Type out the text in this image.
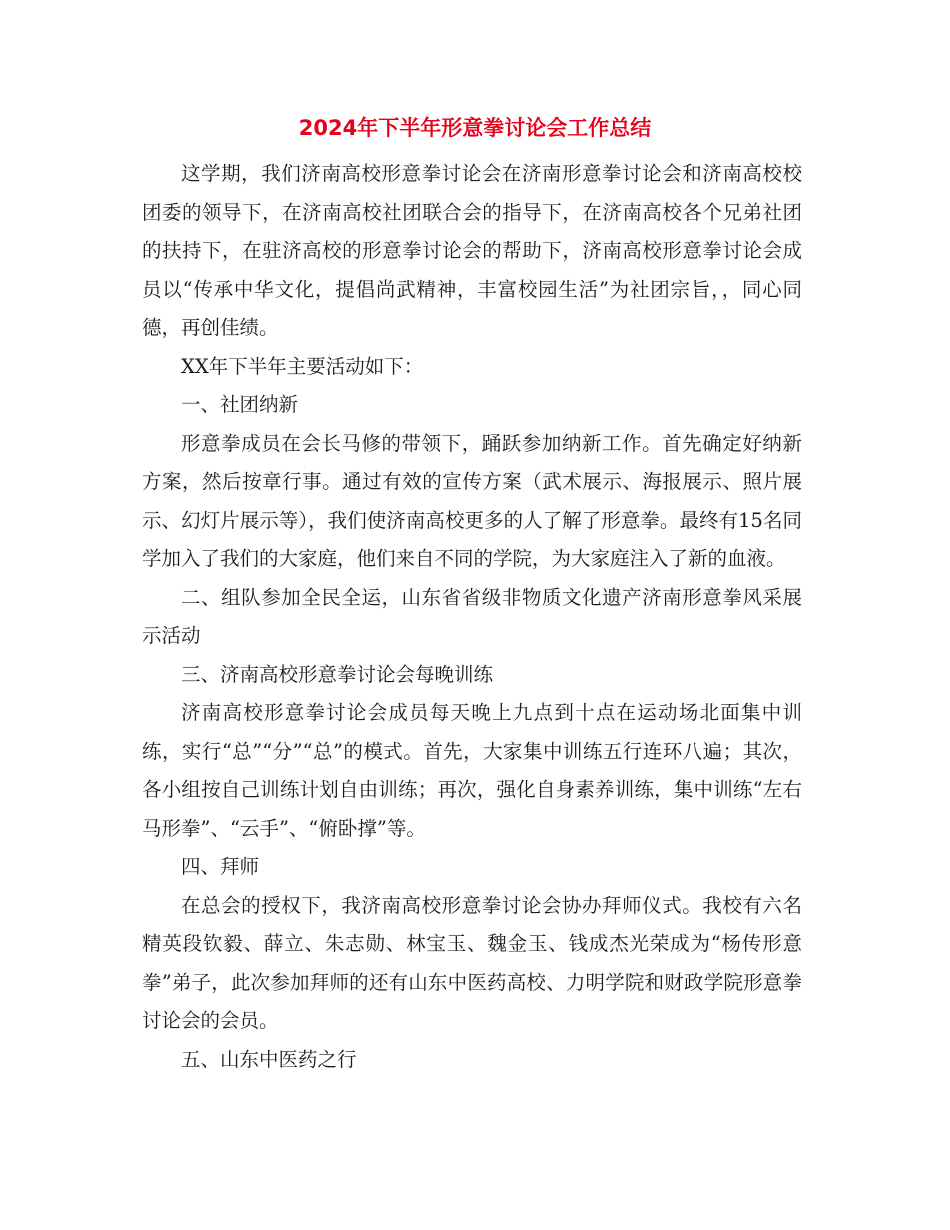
2024年下半年形意拳讨论会工作总结

这学期，我们济南高校形意拳讨论会在济南形意拳讨论会和济南高校校团委的领导下，在济南高校社团联合会的指导下，在济南高校各个兄弟社团的扶持下，在驻济高校的形意拳讨论会的帮助下，济南高校形意拳讨论会成员以“传承中华文化，提倡尚武精神，丰富校园生活”为社团宗旨，，同心同德，再创佳绩。

XX年下半年主要活动如下：

一、社团纳新

形意拳成员在会长马修的带领下，踊跃参加纳新工作。首先确定好纳新方案，然后按章行事。通过有效的宣传方案（武术展示、海报展示、照片展示、幻灯片展示等），我们使济南高校更多的人了解了形意拳。最终有15名同学加入了我们的大家庭，他们来自不同的学院，为大家庭注入了新的血液。

二、组队参加全民全运，山东省省级非物质文化遗产济南形意拳风采展示活动

三、济南高校形意拳讨论会每晚训练

济南高校形意拳讨论会成员每天晚上九点到十点在运动场北面集中训练，实行“总”“分”“总”的模式。首先，大家集中训练五行连环八遍；其次，各小组按自己训练计划自由训练；再次，强化自身素养训练，集中训练“左右马形拳”、“云手”、“俯卧撑”等。

四、拜师

在总会的授权下，我济南高校形意拳讨论会协办拜师仪式。我校有六名精英段钦毅、薛立、朱志勋、林宝玉、魏金玉、钱成杰光荣成为“杨传形意拳”弟子，此次参加拜师的还有山东中医药高校、力明学院和财政学院形意拳讨论会的会员。

五、山东中医药之行
